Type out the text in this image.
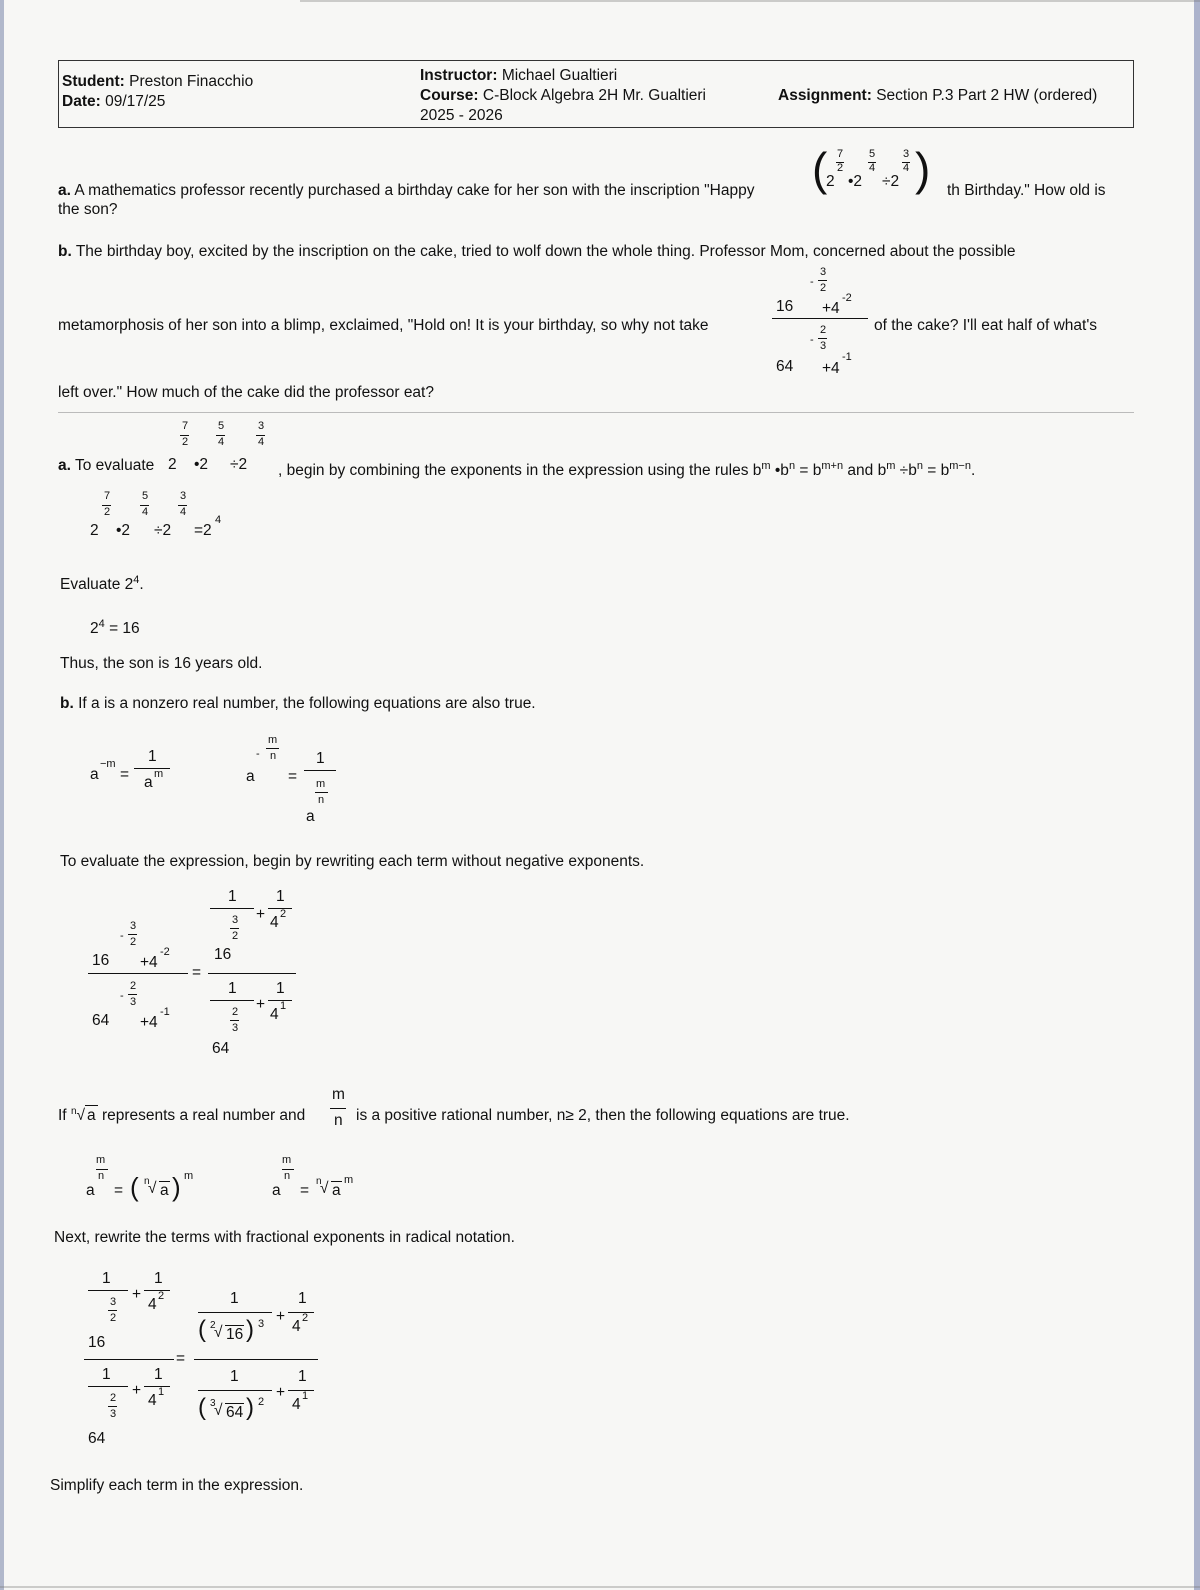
Student: Preston Finacchio
Date: 09/17/25
Instructor: Michael Gualtieri
Course: C-Block Algebra 2H Mr. Gualtieri
2025 - 2026
Assignment: Section P.3 Part 2 HW (ordered)
a. A mathematics professor recently purchased a birthday cake for her son with the inscription "Happy (
2
7
2
•2
5
4
÷2
3
4 ) th Birthday." How old is
the son?
b. The birthday boy, excited by the inscription on the cake, tried to wolf down the whole thing. Professor Mom, concerned about the possible
metamorphosis of her son into a blimp, exclaimed, "Hold on! It is your birthday, so why not take
3
- 2
16 +4
-2
2
- 3
64 +4
-1
of the cake? I'll eat half of what's
left over." How much of the cake did the professor eat?
a. To evaluate 2
7
2
•2
5
4
÷2
3
4
, begin by combining the exponents in the expression using the rules $b^m$ $•b^n = b^{m+n}$ and $b^m \div b^n = b^{m-n}$.
2
7
2
•2
5
4
÷2
3
4
=2
4
Evaluate $2^4$.
$2^4 = 16$
Thus, the son is 16 years old.
b. If a is a nonzero real number, the following equations are also true.
a
−m
=
1
a m	a
-
m
n
=
1
m
n
a
To evaluate the expression, begin by rewriting each term without negative exponents.
3
- 2
16 +4
-2
2
- 3
64 +4
-1
=
1
3
2
16
+
1
4 2
1
2
3
64
+
1
4 1
If $^n$√ a represents a real number and
m
n is a positive rational number, n≥ 2, then the following equations are true.
a
m
n
= ( n
√ a ) m
a
m
n
=
n
√ a
m
Next, rewrite the terms with fractional exponents in radical notation.
1
3
2
16
+
1
4 2
1
2
3
64
+
1
4 1
=
1
( 2
√ 16 ) 3 +
1
4 2
1
( 3
√ 64 ) 2
+
1
4 1
Simplify each term in the expression.
